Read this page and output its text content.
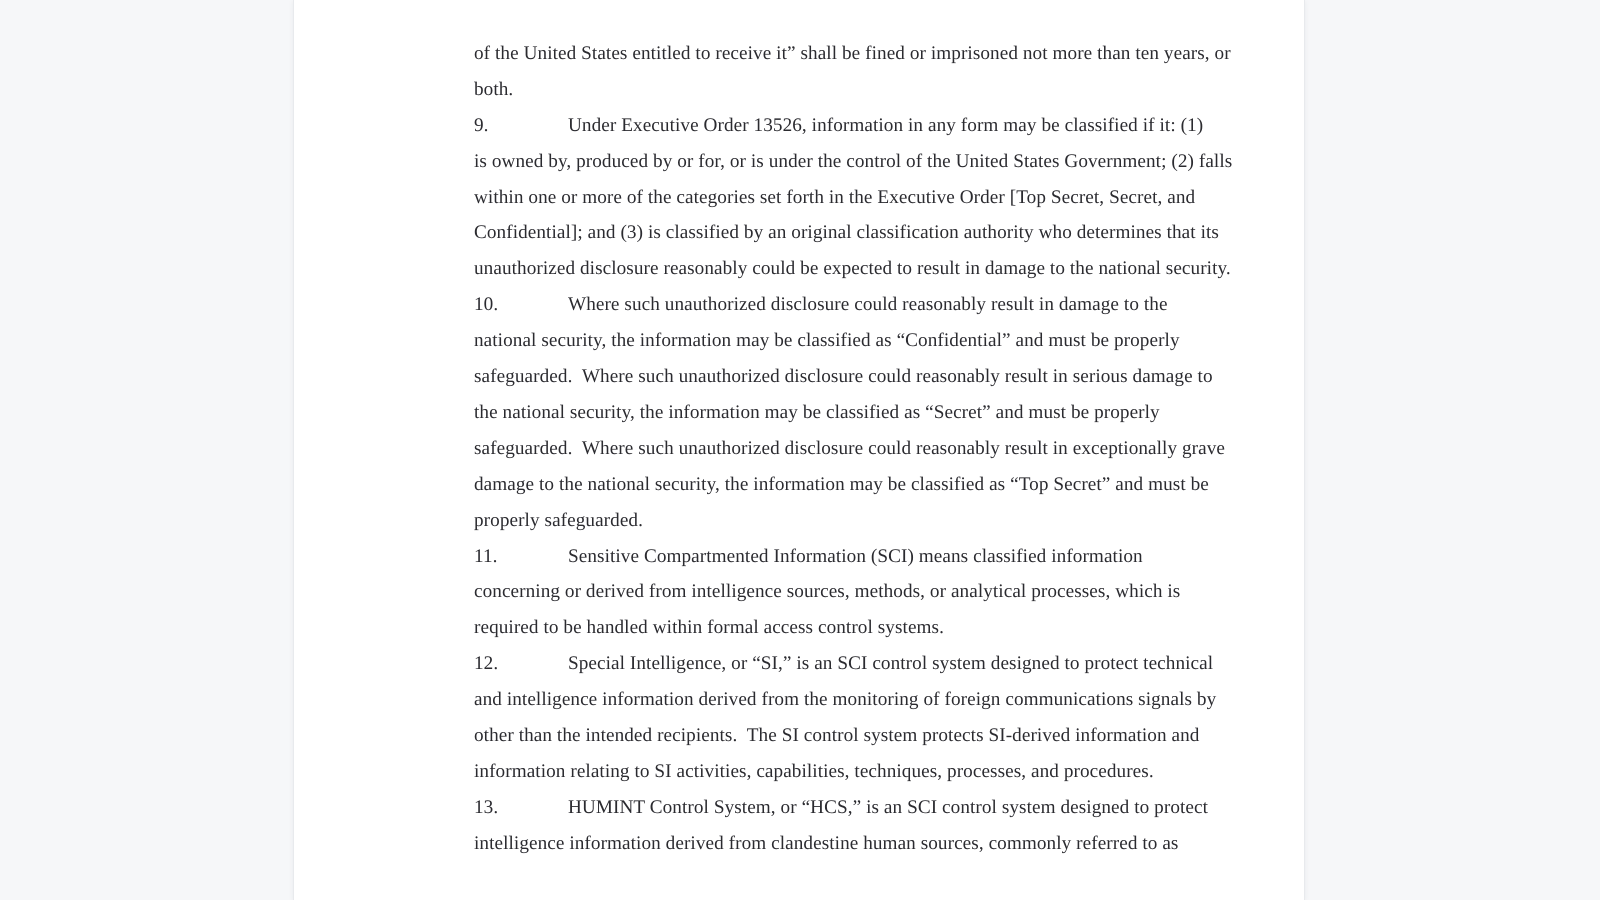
of the United States entitled to receive it” shall be fined or imprisoned not more than ten years, or
both.
9.	Under Executive Order 13526, information in any form may be classified if it: (1)
is owned by, produced by or for, or is under the control of the United States Government; (2) falls
within one or more of the categories set forth in the Executive Order [Top Secret, Secret, and
Confidential]; and (3) is classified by an original classification authority who determines that its
unauthorized disclosure reasonably could be expected to result in damage to the national security.
10.	Where such unauthorized disclosure could reasonably result in damage to the
national security, the information may be classified as “Confidential” and must be properly
safeguarded.  Where such unauthorized disclosure could reasonably result in serious damage to
the national security, the information may be classified as “Secret” and must be properly
safeguarded.  Where such unauthorized disclosure could reasonably result in exceptionally grave
damage to the national security, the information may be classified as “Top Secret” and must be
properly safeguarded.
11.	Sensitive Compartmented Information (SCI) means classified information
concerning or derived from intelligence sources, methods, or analytical processes, which is
required to be handled within formal access control systems.
12.	Special Intelligence, or “SI,” is an SCI control system designed to protect technical
and intelligence information derived from the monitoring of foreign communications signals by
other than the intended recipients.  The SI control system protects SI-derived information and
information relating to SI activities, capabilities, techniques, processes, and procedures.
13.	HUMINT Control System, or “HCS,” is an SCI control system designed to protect
intelligence information derived from clandestine human sources, commonly referred to as
